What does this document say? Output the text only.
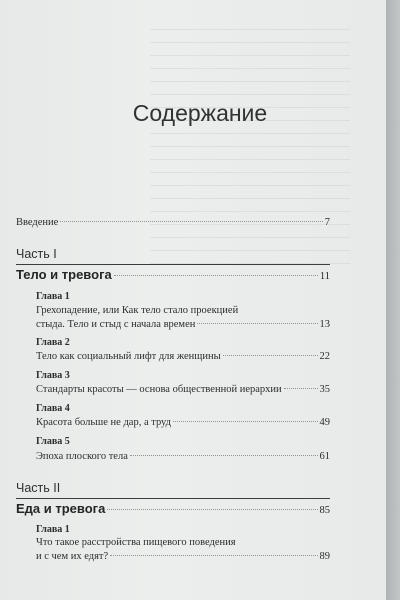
Содержание
Введение	7
Часть I
Тело и тревога	11
Глава 1
Грехопадение, или Как тело стало проекцией
стыда. Тело и стыд с начала времен	13
Глава 2
Тело как социальный лифт для женщины	22
Глава 3
Стандарты красоты — основа общественной иерархии	35
Глава 4
Красота больше не дар, а труд	49
Глава 5
Эпоха плоского тела	61
Часть II
Еда и тревога	85
Глава 1
Что такое расстройства пищевого поведения
и с чем их едят?	89
